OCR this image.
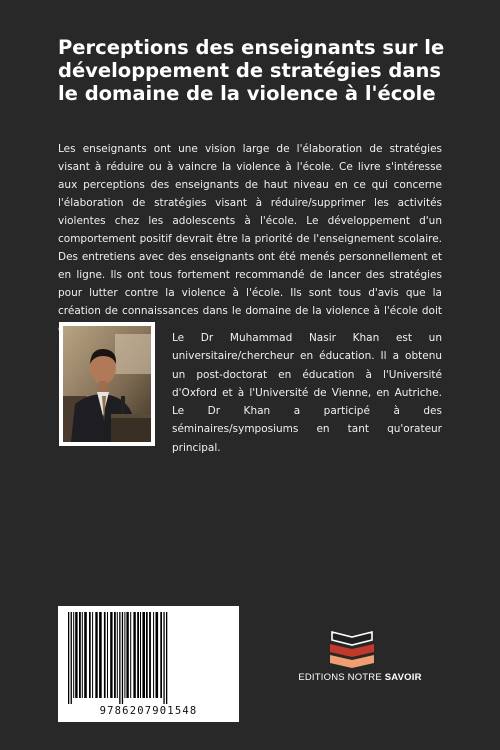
Perceptions des enseignants sur le développement de stratégies dans le domaine de la violence à l'école

Les enseignants ont une vision large de l'élaboration de stratégies visant à réduire ou à vaincre la violence à l'école. Ce livre s'intéresse aux perceptions des enseignants de haut niveau en ce qui concerne l'élaboration de stratégies visant à réduire/supprimer les activités violentes chez les adolescents à l'école. Le développement d'un comportement positif devrait être la priorité de l'enseignement scolaire. Des entretiens avec des enseignants ont été menés personnellement et en ligne. Ils ont tous fortement recommandé de lancer des stratégies pour lutter contre la violence à l'école. Ils sont tous d'avis que la création de connaissances dans le domaine de la violence à l'école doit

Le Dr Muhammad Nasir Khan est un universitaire/chercheur en éducation. Il a obtenu un post-doctorat en éducation à l'Université d'Oxford et à l'Université de Vienne, en Autriche. Le Dr Khan a participé à des séminaires/symposiums en tant qu'orateur principal.

9786207901548
EDITIONS NOTRE SAVOIR
